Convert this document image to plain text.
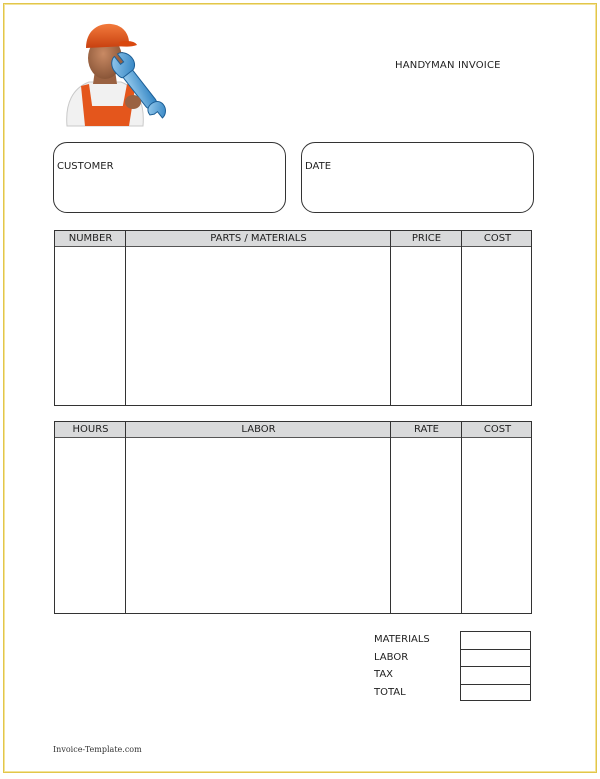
HANDYMAN INVOICE
CUSTOMER	DATE
NUMBER	PARTS / MATERIALS	PRICE	COST
HOURS	LABOR	RATE	COST
MATERIALS
LABOR
TAX
TOTAL
Invoice-Template.com
